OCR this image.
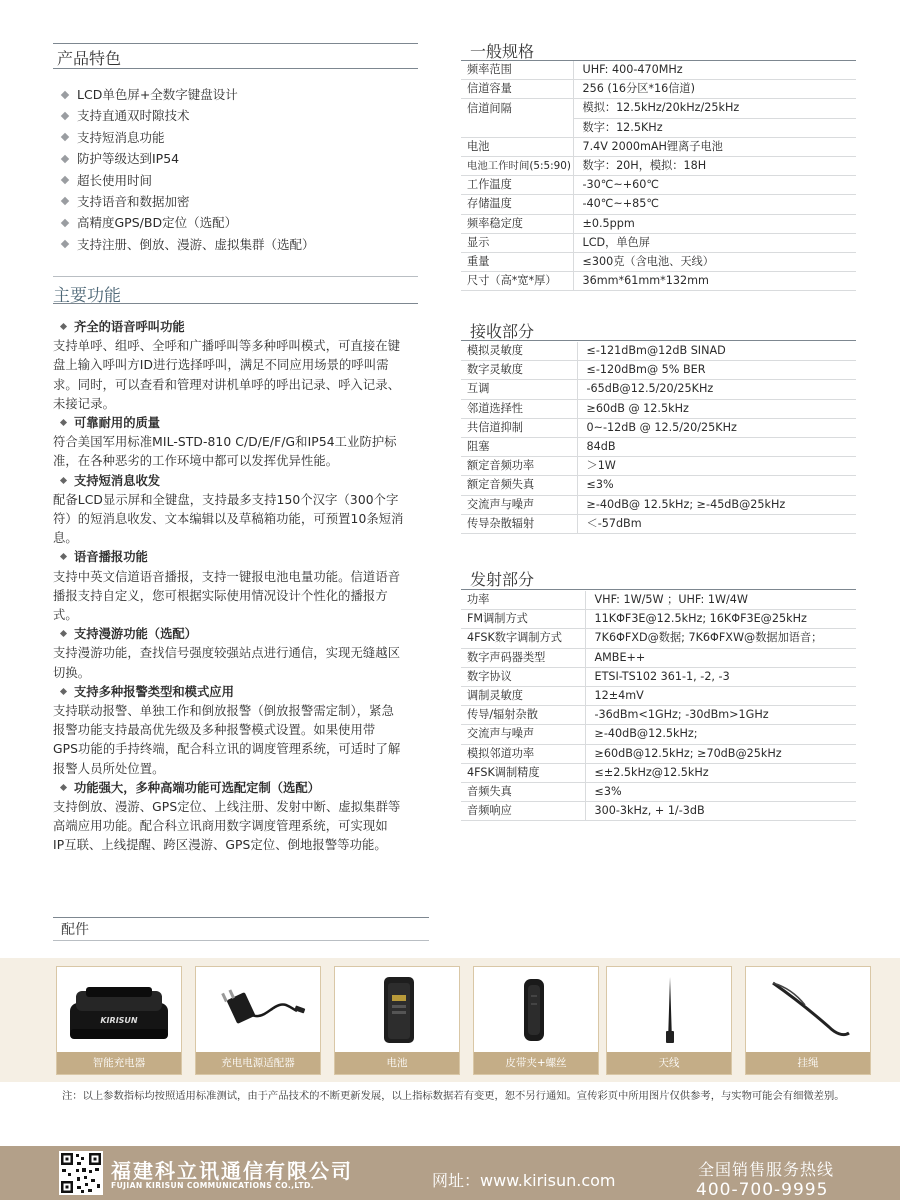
产品特色
LCD单色屏+全数字键盘设计
支持直通双时隙技术
支持短消息功能
防护等级达到IP54
超长使用时间
支持语音和数据加密
高精度GPS/BD定位（选配）
支持注册、倒放、漫游、虚拟集群（选配）
主要功能
齐全的语音呼叫功能
支持单呼、组呼、全呼和广播呼叫等多种呼叫模式，可直接在键
盘上输入呼叫方ID进行选择呼叫，满足不同应用场景的呼叫需
求。同时，可以查看和管理对讲机单呼的呼出记录、呼入记录、
未接记录。
可靠耐用的质量
符合美国军用标准MIL-STD-810 C/D/E/F/G和IP54工业防护标
准，在各种恶劣的工作环境中都可以发挥优异性能。
支持短消息收发
配备LCD显示屏和全键盘，支持最多支持150个汉字（300个字
符）的短消息收发、文本编辑以及草稿箱功能，可预置10条短消
息。
语音播报功能
支持中英文信道语音播报，支持一键报电池电量功能。信道语音
播报支持自定义，您可根据实际使用情况设计个性化的播报方
式。
支持漫游功能（选配）
支持漫游功能，查找信号强度较强站点进行通信，实现无缝越区
切换。
支持多种报警类型和模式应用
支持联动报警、单独工作和倒放报警（倒放报警需定制），紧急
报警功能支持最高优先级及多种报警模式设置。如果使用带
GPS功能的手持终端，配合科立讯的调度管理系统，可适时了解
报警人员所处位置。
功能强大，多种高端功能可选配定制（选配）
支持倒放、漫游、GPS定位、上线注册、发射中断、虚拟集群等
高端应用功能。配合科立讯商用数字调度管理系统，可实现如
IP互联、上线提醒、跨区漫游、GPS定位、倒地报警等功能。
一般规格
频率范围	UHF: 400-470MHz
信道容量	256 (16分区*16信道)
信道间隔	模拟：12.5kHz/20kHz/25kHz
	数字：12.5KHz
电池	7.4V 2000mAH锂离子电池
电池工作时间(5:5:90)	数字：20H，模拟：18H
工作温度	-30℃~+60℃
存储温度	-40℃~+85℃
频率稳定度	±0.5ppm
显示	LCD，单色屏
重量	≤300克（含电池、天线）
尺寸（高*宽*厚）	36mm*61mm*132mm
接收部分
模拟灵敏度	≤-121dBm@12dB SINAD
数字灵敏度	≤-120dBm@ 5% BER
互调	-65dB@12.5/20/25KHz
邻道选择性	≥60dB @ 12.5kHz
共信道抑制	0~-12dB @ 12.5/20/25KHz
阻塞	84dB
额定音频功率	＞1W
额定音频失真	≤3%
交流声与噪声	≥-40dB@ 12.5kHz; ≥-45dB@25kHz
传导杂散辐射	＜-57dBm
发射部分
功率	VHF: 1W/5W ；UHF: 1W/4W
FM调制方式	11KΦF3E@12.5kHz; 16KΦF3E@25kHz
4FSK数字调制方式	7K6ΦFXD@数据; 7K6ΦFXW@数据加语音；
数字声码器类型	AMBE++
数字协议	ETSI-TS102 361-1, -2, -3
调制灵敏度	12±4mV
传导/辐射杂散	-36dBm<1GHz; -30dBm>1GHz
交流声与噪声	≥-40dB@12.5kHz;
模拟邻道功率	≥60dB@12.5kHz; ≥70dB@25kHz
4FSK调制精度	≤±2.5kHz@12.5kHz
音频失真	≤3%
音频响应	300-3kHz, + 1/-3dB
配件
KIRISUN
智能充电器	充电电源适配器	电池	皮带夹+螺丝	天线	挂绳
注：以上参数指标均按照适用标准测试，由于产品技术的不断更新发展，以上指标数据若有变更，恕不另行通知。宣传彩页中所用图片仅供参考，与实物可能会有细微差别。
福建科立讯通信有限公司
FUJIAN KIRISUN COMMUNICATIONS CO.,LTD.	网址：www.kirisun.com
全国销售服务热线
400-700-9995
